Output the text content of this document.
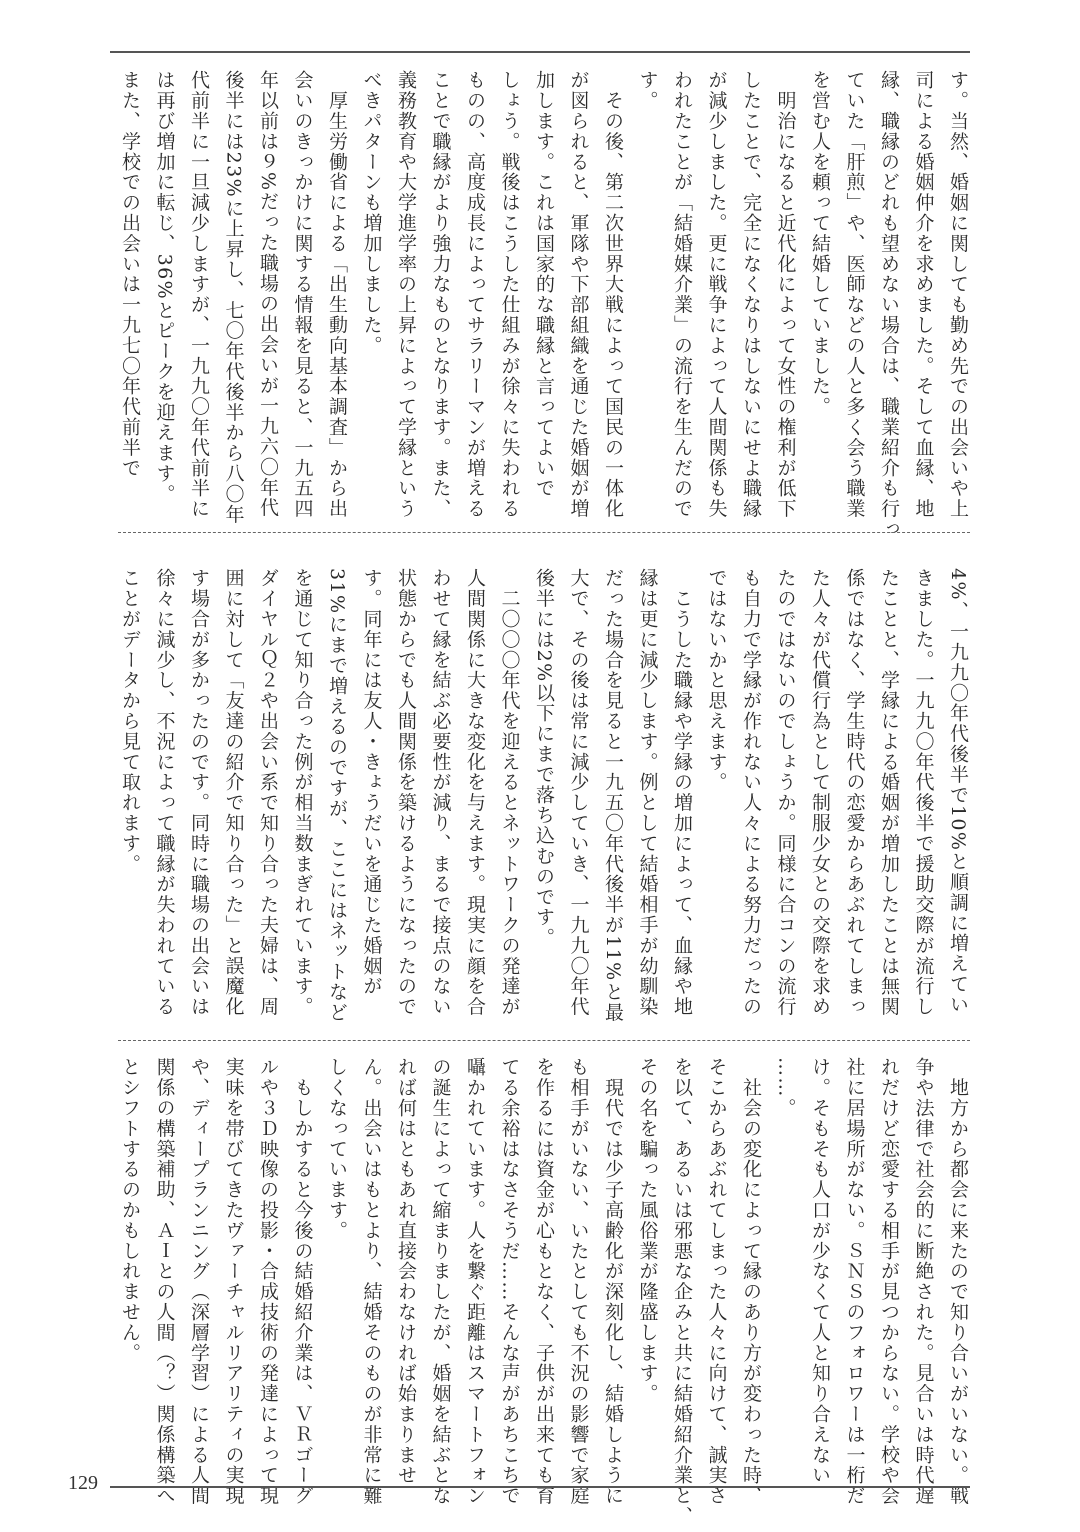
す。当然、婚姻に関しても勤め先での出会いや上
司による婚姻仲介を求めました。そして血縁、地
縁、職縁のどれも望めない場合は、職業紹介も行っ
ていた「肝煎」や、医師などの人と多く会う職業
を営む人を頼って結婚していました。
　明治になると近代化によって女性の権利が低下
したことで、完全になくなりはしないにせよ職縁
が減少しました。更に戦争によって人間関係も失
われたことが「結婚媒介業」の流行を生んだので
す。
　その後、第二次世界大戦によって国民の一体化
が図られると、軍隊や下部組織を通じた婚姻が増
加します。これは国家的な職縁と言ってよいで
しょう。戦後はこうした仕組みが徐々に失われる
ものの、高度成長によってサラリーマンが増える
ことで職縁がより強力なものとなります。また、
義務教育や大学進学率の上昇によって学縁という
べきパターンも増加しました。
　厚生労働省による「出生動向基本調査」から出
会いのきっかけに関する情報を見ると、一九五四
年以前は９%だった職場の出会いが一九六〇年代
後半には23%に上昇し、七〇年代後半から八〇年
代前半に一旦減少しますが、一九九〇年代前半に
は再び増加に転じ、36%とピークを迎えます。
また、学校での出会いは一九七〇年代前半で
4%、一九九〇年代後半で10%と順調に増えてい
きました。一九九〇年代後半で援助交際が流行し
たことと、学縁による婚姻が増加したことは無関
係ではなく、学生時代の恋愛からあぶれてしまっ
た人々が代償行為として制服少女との交際を求め
たのではないのでしょうか。同様に合コンの流行
も自力で学縁が作れない人々による努力だったの
ではないかと思えます。
　こうした職縁や学縁の増加によって、血縁や地
縁は更に減少します。例として結婚相手が幼馴染
だった場合を見ると一九五〇年代後半が11%と最
大で、その後は常に減少していき、一九九〇年代
後半には2%以下にまで落ち込むのです。
　二〇〇〇年代を迎えるとネットワークの発達が
人間関係に大きな変化を与えます。現実に顔を合
わせて縁を結ぶ必要性が減り、まるで接点のない
状態からでも人間関係を築けるようになったので
す。同年には友人・きょうだいを通じた婚姻が
31%にまで増えるのですが、ここにはネットなど
を通じて知り合った例が相当数まぎれています。
ダイヤルＱ２や出会い系で知り合った夫婦は、周
囲に対して「友達の紹介で知り合った」と誤魔化
す場合が多かったのです。同時に職場の出会いは
徐々に減少し、不況によって職縁が失われている
ことがデータから見て取れます。
　地方から都会に来たので知り合いがいない。戦
争や法律で社会的に断絶された。見合いは時代遅
れだけど恋愛する相手が見つからない。学校や会
社に居場所がない。ＳＮＳのフォロワーは一桁だ
け。そもそも人口が少なくて人と知り合えない
……。
　社会の変化によって縁のあり方が変わった時、
そこからあぶれてしまった人々に向けて、誠実さ
を以て、あるいは邪悪な企みと共に結婚紹介業と、
その名を騙った風俗業が隆盛します。
　現代では少子高齢化が深刻化し、結婚しように
も相手がいない、いたとしても不況の影響で家庭
を作るには資金が心もとなく、子供が出来ても育
てる余裕はなさそうだ……そんな声があちこちで
囁かれています。人を繋ぐ距離はスマートフォン
の誕生によって縮まりましたが、婚姻を結ぶとな
れば何はともあれ直接会わなければ始まりませ
ん。出会いはもとより、結婚そのものが非常に難
しくなっています。
　もしかすると今後の結婚紹介業は、ＶＲゴーグ
ルや３Ｄ映像の投影・合成技術の発達によって現
実味を帯びてきたヴァーチャルリアリティの実現
や、ディープランニング（深層学習）による人間
関係の構築補助、ＡＩとの人間（？）関係構築へ
とシフトするのかもしれません。
129
